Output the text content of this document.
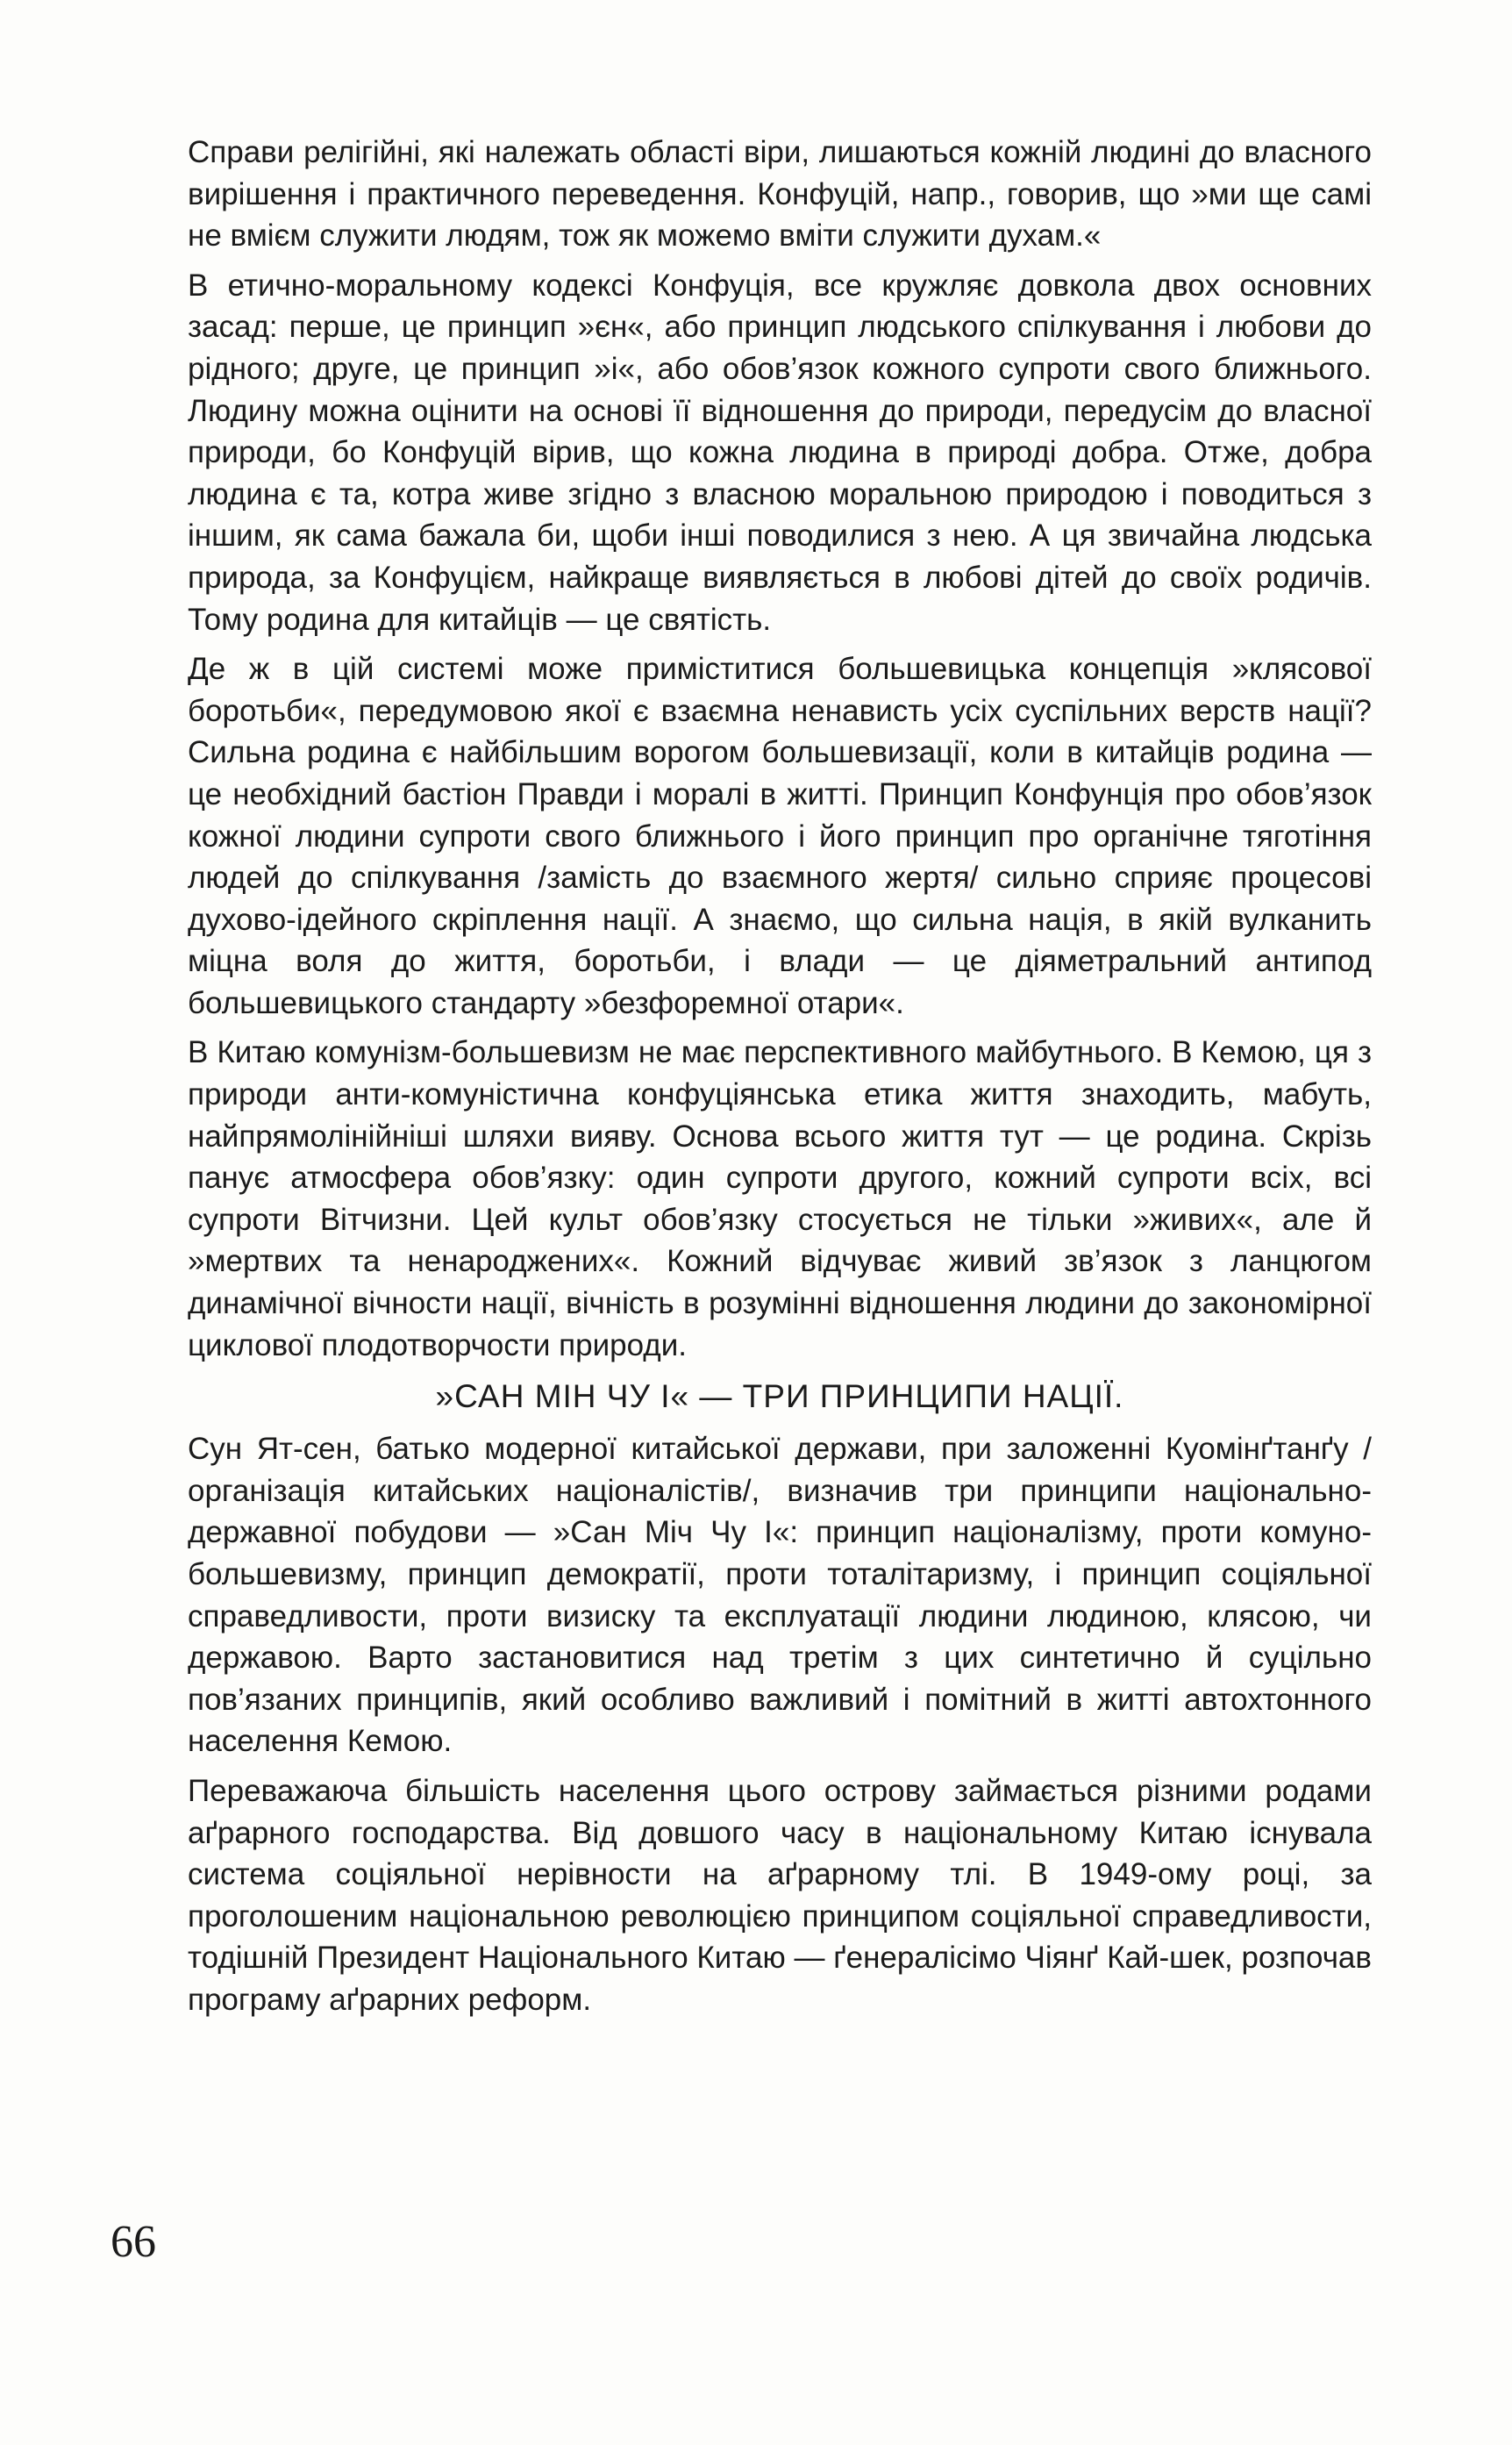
Справи релігійні, які належать області віри, лишаються кожній людині до власного вирішення і практичного переведення. Конфуцій, напр., говорив, що »ми ще самі не вмієм служити людям, тож як можемо вміти служити духам.«

В етично-моральному кодексі Конфуція, все кружляє довкола двох основних засад: перше, це принцип »єн«, або принцип людського спілкування і любови до рідного; друге, це принцип »і«, або обов’язок кожного супроти свого ближнього. Людину можна оцінити на основі її відношення до природи, передусім до власної природи, бо Конфуцій вірив, що кожна людина в природі добра. Отже, добра людина є та, котра живе згідно з власною моральною природою і поводиться з іншим, як сама бажала би, щоби інші поводилися з нею. А ця звичайна людська природа, за Конфуцієм, найкраще виявляється в любові дітей до своїх родичів. Тому родина для китайців — це святість.

Де ж в цій системі може приміститися большевицька концепція »клясової боротьби«, передумовою якої є взаємна ненависть усіх суспільних верств нації? Сильна родина є найбільшим ворогом большевизації, коли в китайців родина — це необхідний бастіон Правди і моралі в житті. Принцип Конфунція про обов’язок кожної людини супроти свого ближнього і його принцип про органічне тяготіння людей до спілкування /замість до взаємного жертя/ сильно сприяє процесові духово-ідейного скріплення нації. А знаємо, що сильна нація, в якій вулканить міцна воля до життя, боротьби, і влади — це діяметральний антипод большевицького стандарту »безфоремної отари«.

В Китаю комунізм-большевизм не має перспективного майбутнього. В Кемою, ця з природи анти-комуністична конфуціянська етика життя знаходить, мабуть, найпрямолінійніші шляхи вияву. Основа всього життя тут — це родина. Скрізь панує атмосфера обов’язку: один супроти другого, кожний супроти всіх, всі супроти Вітчизни. Цей культ обов’язку стосується не тільки »живих«, але й »мертвих та ненароджених«. Кожний відчуває живий зв’язок з ланцюгом динамічної вічности нації, вічність в розумінні відношення людини до закономірної циклової плодотворчости природи.

»САН МІН ЧУ І« — ТРИ ПРИНЦИПИ НАЦІЇ.

Сун Ят-сен, батько модерної китайської держави, при заложенні Куомінґтанґу /організація китайських націоналістів/, визначив три принципи національно-державної побудови — »Сан Міч Чу І«: принцип націоналізму, проти комуно-большевизму, принцип демократії, проти тоталітаризму, і принцип соціяльної справедливости, проти визиску та експлуатації людини людиною, клясою, чи державою. Варто застановитися над третім з цих синтетично й суцільно пов’язаних принципів, який особливо важливий і помітний в житті автохтонного населення Кемою.

Переважаюча більшість населення цього острову займається різними родами аґрарного господарства. Від довшого часу в національному Китаю існувала система соціяльної нерівности на аґрарному тлі. В 1949-ому році, за проголошеним національною революцією принципом соціяльної справедливости, тодішній Президент Національного Китаю — ґенералісімо Чіянґ Кай-шек, розпочав програму аґрарних реформ.

66
